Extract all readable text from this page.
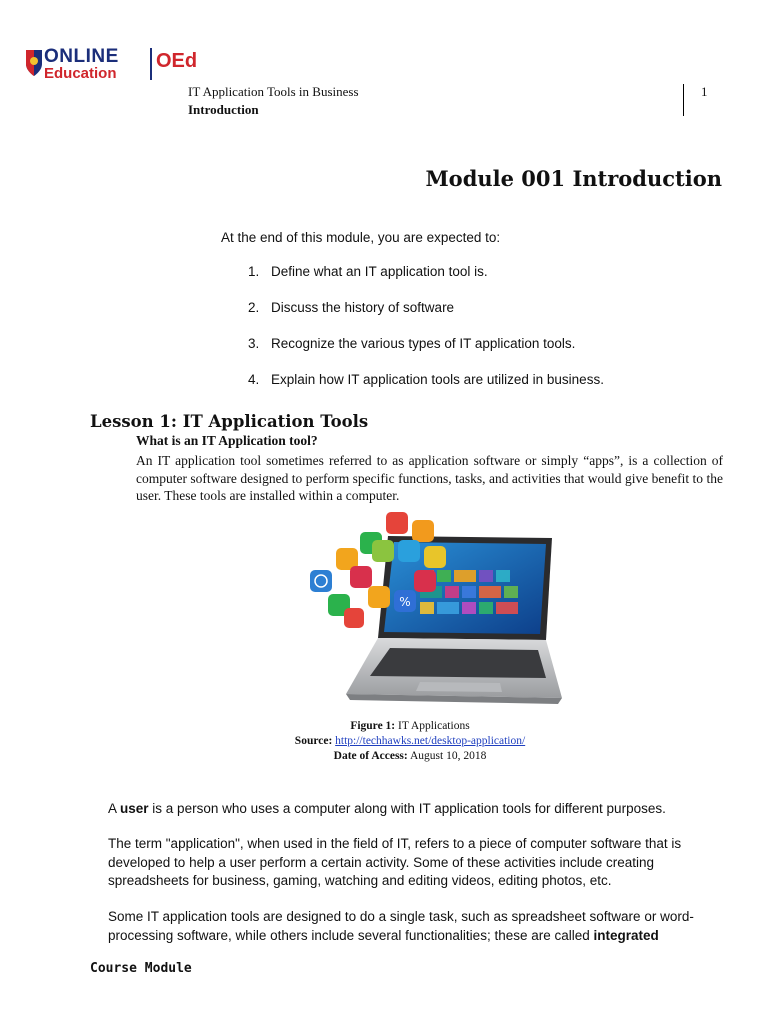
ONLINE
Education
OEd
IT Application Tools in Business
Introduction
1
Module 001 Introduction
At the end of this module, you are expected to:
1. Define what an IT application tool is.
2. Discuss the history of software
3. Recognize the various types of IT application tools.
4. Explain how IT application tools are utilized in business.
Lesson 1: IT Application Tools
What is an IT Application tool?
An IT application tool sometimes referred to as application software or simply “apps”, is a collection of computer software designed to perform specific functions, tasks, and activities that would give benefit to the user. These tools are installed within a computer.
%
Figure 1: IT Applications
Source: http://techhawks.net/desktop-application/
Date of Access: August 10, 2018
A user is a person who uses a computer along with IT application tools for different purposes.
The term "application", when used in the field of IT, refers to a piece of computer software that is developed to help a user perform a certain activity. Some of these activities include creating spreadsheets for business, gaming, watching and editing videos, editing photos, etc.
Some IT application tools are designed to do a single task, such as spreadsheet software or word-processing software, while others include several functionalities; these are called integrated
Course Module
